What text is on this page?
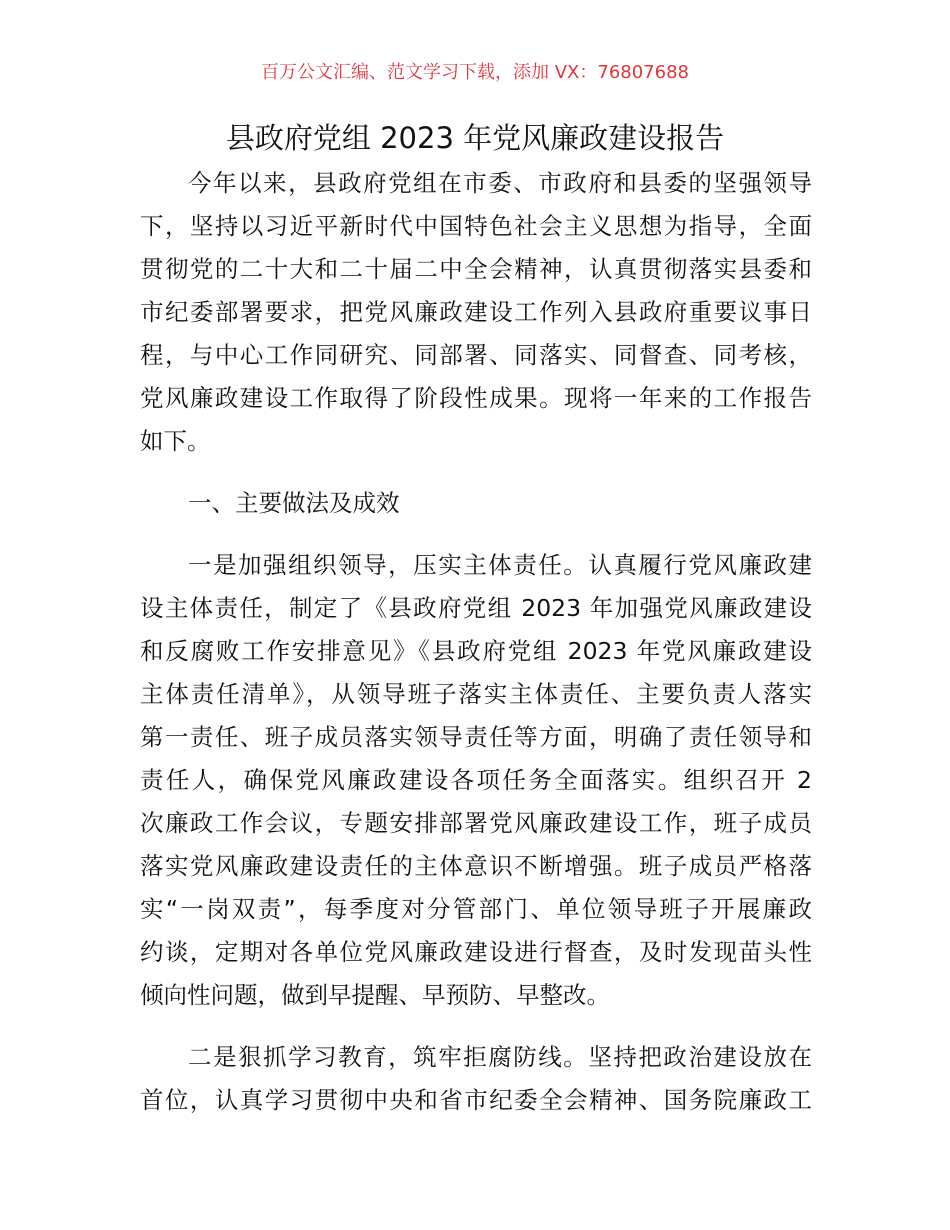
百万公文汇编、范文学习下载，添加 VX：76807688
县政府党组 2023 年党风廉政建设报告
今年以来，县政府党组在市委、市政府和县委的坚强领导
下，坚持以习近平新时代中国特色社会主义思想为指导，全面
贯彻党的二十大和二十届二中全会精神，认真贯彻落实县委和
市纪委部署要求，把党风廉政建设工作列入县政府重要议事日
程，与中心工作同研究、同部署、同落实、同督查、同考核，
党风廉政建设工作取得了阶段性成果。现将一年来的工作报告
如下。
一、主要做法及成效
一是加强组织领导，压实主体责任。认真履行党风廉政建
设主体责任，制定了《县政府党组 2023 年加强党风廉政建设
和反腐败工作安排意见》《县政府党组 2023 年党风廉政建设
主体责任清单》，从领导班子落实主体责任、主要负责人落实
第一责任、班子成员落实领导责任等方面，明确了责任领导和
责任人，确保党风廉政建设各项任务全面落实。组织召开 2
次廉政工作会议，专题安排部署党风廉政建设工作，班子成员
落实党风廉政建设责任的主体意识不断增强。班子成员严格落
实“一岗双责”，每季度对分管部门、单位领导班子开展廉政
约谈，定期对各单位党风廉政建设进行督查，及时发现苗头性
倾向性问题，做到早提醒、早预防、早整改。
二是狠抓学习教育，筑牢拒腐防线。坚持把政治建设放在
首位，认真学习贯彻中央和省市纪委全会精神、国务院廉政工
